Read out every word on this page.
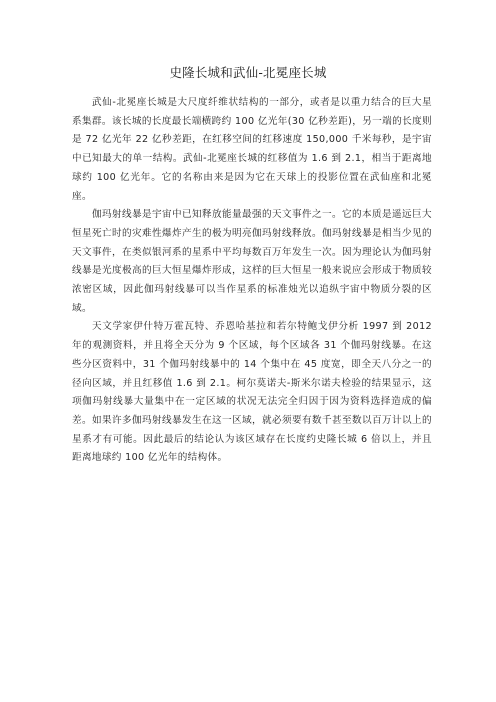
史隆长城和武仙-北冕座长城

武仙-北冕座长城是大尺度纤维状结构的一部分，或者是以重力结合的巨大星系集群。该长城的长度最长端横跨约 100 亿光年(30 亿秒差距)，另一端的长度则是 72 亿光年 22 亿秒差距，在红移空间的红移速度 150,000 千米每秒，是宇宙中已知最大的单一结构。武仙-北冕座长城的红移值为 1.6 到 2.1，相当于距离地球约 100 亿光年。它的名称由来是因为它在天球上的投影位置在武仙座和北冕座。

伽玛射线暴是宇宙中已知释放能量最强的天文事件之一。它的本质是遥远巨大恒星死亡时的灾难性爆炸产生的极为明亮伽玛射线释放。伽玛射线暴是相当少见的天文事件，在类似银河系的星系中平均每数百万年发生一次。因为理论认为伽玛射线暴是光度极高的巨大恒星爆炸形成，这样的巨大恒星一般来说应会形成于物质较浓密区域，因此伽玛射线暴可以当作星系的标准烛光以追纵宇宙中物质分裂的区域。

天文学家伊什特万霍瓦特、乔恩哈基拉和若尔特鲍戈伊分析 1997 到 2012 年的观测资料，并且将全天分为 9 个区域，每个区域各 31 个伽玛射线暴。在这些分区资料中，31 个伽玛射线暴中的 14 个集中在 45 度宽，即全天八分之一的径向区域，并且红移值 1.6 到 2.1。柯尔莫诺夫-斯米尔诺夫检验的结果显示，这项伽玛射线暴大量集中在一定区域的状况无法完全归因于因为资料选择造成的偏差。如果许多伽玛射线暴发生在这一区域，就必须要有数千甚至数以百万计以上的星系才有可能。因此最后的结论认为该区域存在长度约史隆长城 6 倍以上，并且距离地球约 100 亿光年的结构体。
